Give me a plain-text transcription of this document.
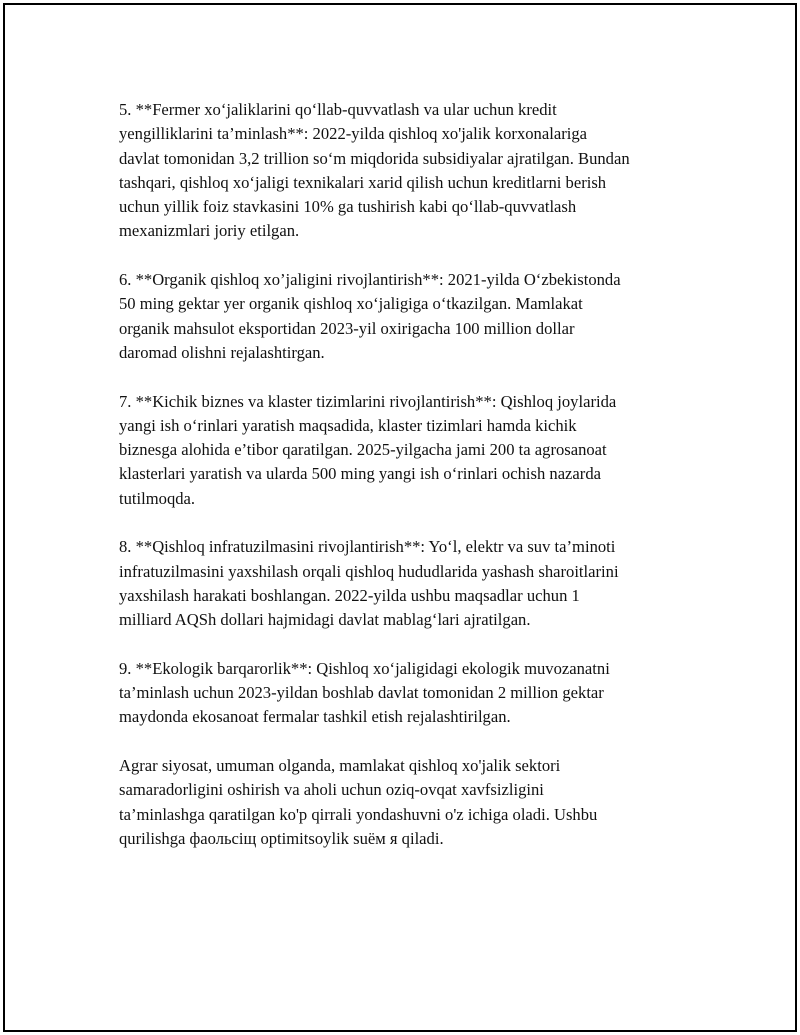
5. **Fermer xo‘jaliklarini qo‘llab-quvvatlash va ular uchun kredit
yengilliklarini ta’minlash**: 2022-yilda qishloq xo'jalik korxonalariga
davlat tomonidan 3,2 trillion so‘m miqdorida subsidiyalar ajratilgan. Bundan
tashqari, qishloq xo‘jaligi texnikalari xarid qilish uchun kreditlarni berish
uchun yillik foiz stavkasini 10% ga tushirish kabi qo‘llab-quvvatlash
mexanizmlari joriy etilgan.

6. **Organik qishloq xo’jaligini rivojlantirish**: 2021-yilda O‘zbekistonda
50 ming gektar yer organik qishloq xo‘jaligiga o‘tkazilgan. Mamlakat
organik mahsulot eksportidan 2023-yil oxirigacha 100 million dollar
daromad olishni rejalashtirgan.

7. **Kichik biznes va klaster tizimlarini rivojlantirish**: Qishloq joylarida
yangi ish o‘rinlari yaratish maqsadida, klaster tizimlari hamda kichik
biznesga alohida e’tibor qaratilgan. 2025-yilgacha jami 200 ta agrosanoat
klasterlari yaratish va ularda 500 ming yangi ish o‘rinlari ochish nazarda
tutilmoqda.

8. **Qishloq infratuzilmasini rivojlantirish**: Yo‘l, elektr va suv ta’minoti
infratuzilmasini yaxshilash orqali qishloq hududlarida yashash sharoitlarini
yaxshilash harakati boshlangan. 2022-yilda ushbu maqsadlar uchun 1
milliard AQSh dollari hajmidagi davlat mablag‘lari ajratilgan.

9. **Ekologik barqarorlik**: Qishloq xo‘jaligidagi ekologik muvozanatni
ta’minlash uchun 2023-yildan boshlab davlat tomonidan 2 million gektar
maydonda ekosanoat fermalar tashkil etish rejalashtirilgan.

Agrar siyosat, umuman olganda, mamlakat qishloq xo'jalik sektori
samaradorligini oshirish va aholi uchun oziq-ovqat xavfsizligini
ta’minlashga qaratilgan ko'p qirrali yondashuvni o'z ichiga oladi. Ushbu
qurilishga фаольсiщ optimitsoylik suëм я qiladi.
